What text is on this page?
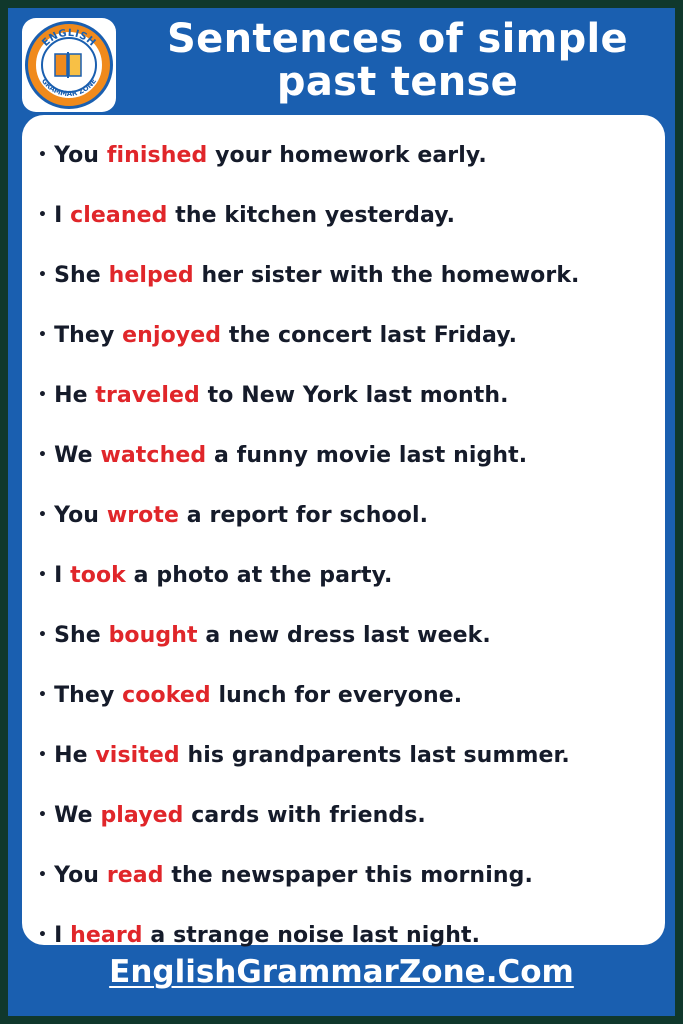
ENGLISH
GRAMMAR ZONE
Sentences of simple
past tense
• You finished your homework early.
• I cleaned the kitchen yesterday.
• She helped her sister with the homework.
• They enjoyed the concert last Friday.
• He traveled to New York last month.
• We watched a funny movie last night.
• You wrote a report for school.
• I took a photo at the party.
• She bought a new dress last week.
• They cooked lunch for everyone.
• He visited his grandparents last summer.
• We played cards with friends.
• You read the newspaper this morning.
• I heard a strange noise last night.
EnglishGrammarZone.Com
